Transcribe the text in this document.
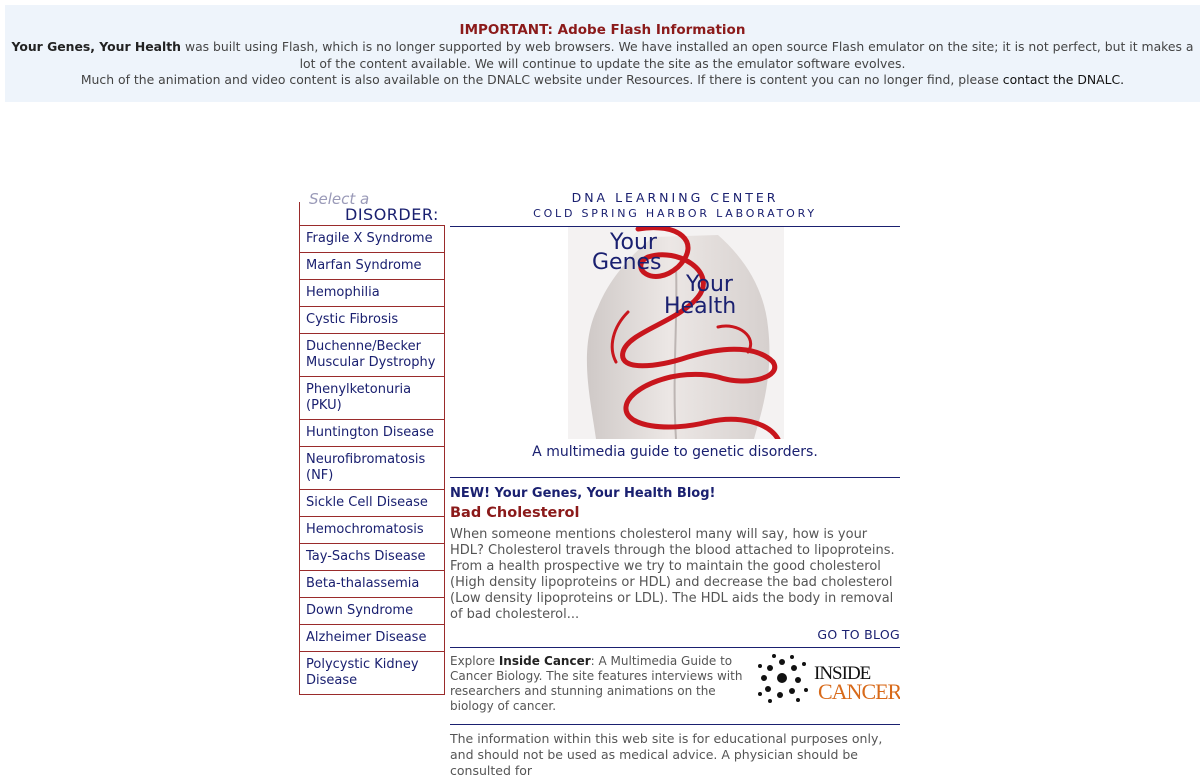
IMPORTANT: Adobe Flash Information
Your Genes, Your Health was built using Flash, which is no longer supported by web browsers. We have installed an open source Flash emulator on the site; it is not perfect, but it makes a lot of the content available. We will continue to update the site as the emulator software evolves.
Much of the animation and video content is also available on the DNALC website under Resources. If there is content you can no longer find, please contact the DNALC.
Select a
DISORDER:
Fragile X Syndrome
Marfan Syndrome
Hemophilia
Cystic Fibrosis
Duchenne/Becker Muscular Dystrophy
Phenylketonuria (PKU)
Huntington Disease
Neurofibromatosis (NF)
Sickle Cell Disease
Hemochromatosis
Tay-Sachs Disease
Beta-thalassemia
Down Syndrome
Alzheimer Disease
Polycystic Kidney Disease
DNA LEARNING CENTER
COLD SPRING HARBOR LABORATORY
Your
Genes
Your
Health
A multimedia guide to genetic disorders.
NEW! Your Genes, Your Health Blog!
Bad Cholesterol
When someone mentions cholesterol many will say, how is your HDL? Cholesterol travels through the blood attached to lipoproteins. From a health prospective we try to maintain the good cholesterol (High density lipoproteins or HDL) and decrease the bad cholesterol (Low density lipoproteins or LDL). The HDL aids the body in removal of bad cholesterol...
GO TO BLOG
Explore Inside Cancer: A Multimedia Guide to Cancer Biology. The site features interviews with researchers and stunning animations on the biology of cancer.
INSIDE
CANCER
The information within this web site is for educational purposes only, and should not be used as medical advice. A physician should be consulted for
